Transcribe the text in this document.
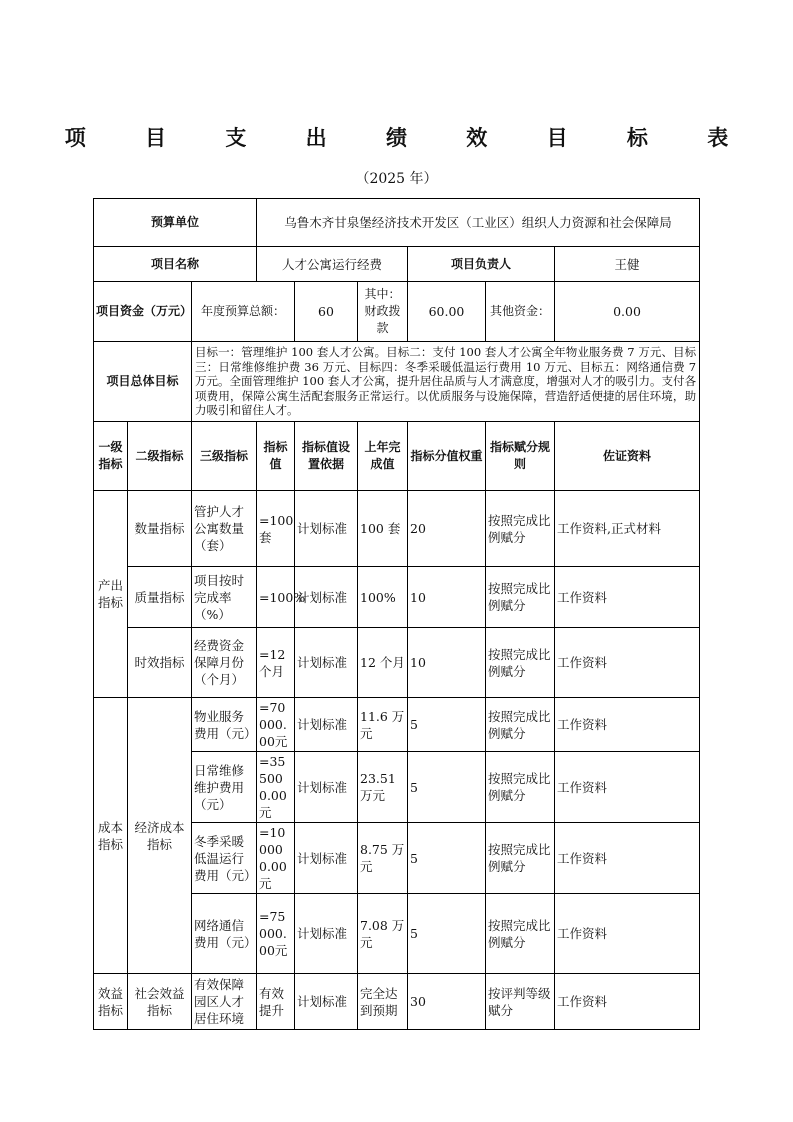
项 目 支 出 绩 效 目 标 表
（2025 年）
预算单位			乌鲁木齐甘泉堡经济技术开发区（工业区）组织人力资源和社会保障局					
项目名称			人才公寓运行经费			项目负责人		王健
项目资金（万元）		年度预算总额：		60	其中：财政拨款	60.00	其他资金：	0.00
项目总体目标		目标一：管理维护 100 套人才公寓。目标二：支付 100 套人才公寓全年物业服务费 7 万元、目标三：日常维修维护费 36 万元、目标四：冬季采暖低温运行费用 10 万元、目标五：网络通信费 7 万元。全面管理维护 100 套人才公寓，提升居住品质与人才满意度，增强对人才的吸引力。支付各项费用，保障公寓生活配套服务正常运行。以优质服务与设施保障，营造舒适便捷的居住环境，助力吸引和留住人才。						
一级指标	二级指标	三级指标	指标值	指标值设置依据	上年完成值	指标分值权重	指标赋分规则	佐证资料
产出指标	数量指标	管护人才公寓数量（套）	=100套	计划标准	100 套	20	按照完成比例赋分	工作资料,正式材料
	质量指标	项目按时完成率（%）	=100%	计划标准	100%	10	按照完成比例赋分	工作资料
	时效指标	经费资金保障月份（个月）	=12 个月	计划标准	12 个月	10	按照完成比例赋分	工作资料
成本指标	经济成本指标	物业服务费用（元）	=70000.00元	计划标准	11.6 万元	5	按照完成比例赋分	工作资料
		日常维修维护费用（元）	=355000.00元	计划标准	23.51 万元	5	按照完成比例赋分	工作资料
		冬季采暖低温运行费用（元）	=100000.00元	计划标准	8.75 万元	5	按照完成比例赋分	工作资料
		网络通信费用（元）	=75000.00元	计划标准	7.08 万元	5	按照完成比例赋分	工作资料
效益指标	社会效益指标	有效保障园区人才居住环境	有效提升	计划标准	完全达到预期	30	按评判等级赋分	工作资料
